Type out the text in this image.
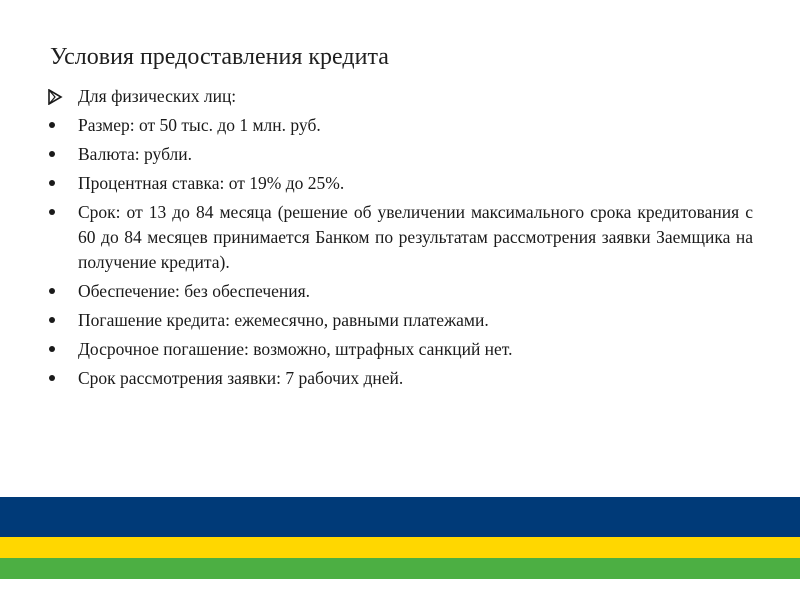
Условия предоставления кредита
Для физических лиц:
Размер: от 50 тыс. до 1 млн. руб.
Валюта: рубли.
Процентная ставка: от 19% до 25%.
Срок: от 13 до 84 месяца (решение об увеличении максимального срока кредитования с 60 до 84 месяцев принимается Банком по результатам рассмотрения заявки Заемщика на получение кредита).
Обеспечение: без обеспечения.
Погашение кредита: ежемесячно, равными платежами.
Досрочное погашение: возможно, штрафных санкций нет.
Срок рассмотрения заявки: 7 рабочих дней.
